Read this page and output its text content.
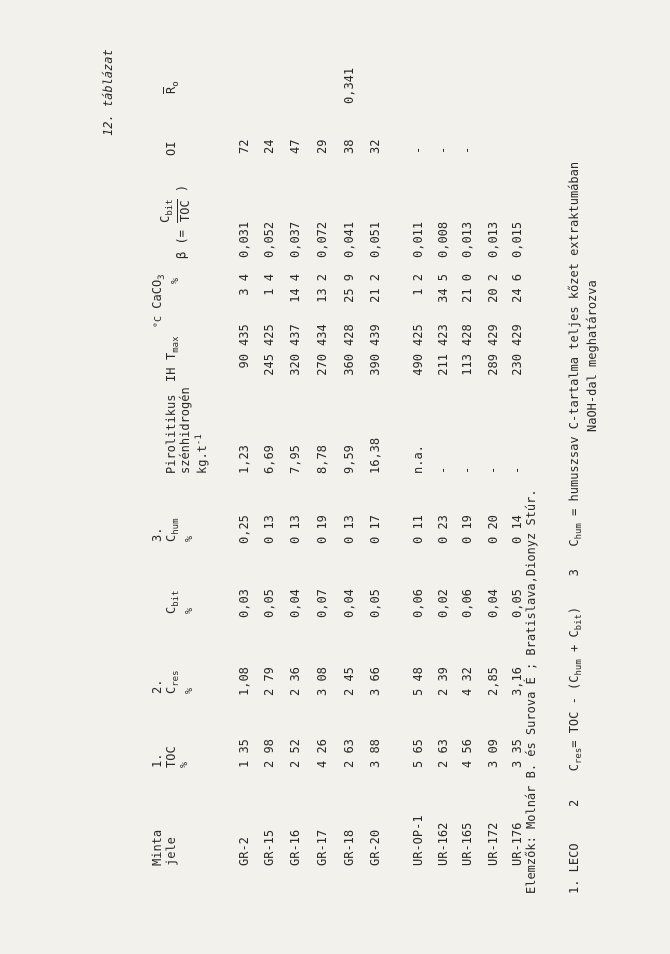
12. táblázat
Minta jele
1. TOC %
2. $C_{res}$
%
$C_{bit}$
%
3. $C_{hum}$
%
Pirolitikus szénhidrogén $kg.t^{-1}$
IH
$T_{max}$
°C CaCO$_3$
%
β (=
$C_{bit}$ TOC
)
OI
$R_o$
GR-2
1 35
1,08
0,03
0,25
1,23
90
435
3 4
0,031
72
GR-15
2 98
2 79
0,05
0 13
6,69
245
425
1 4
0,052
24
GR-16
2 52
2 36
0,04
0 13
7,95
320
437
14 4
0,037
47
GR-17
4 26
3 08
0,07
0 19
8,78
270
434
13 2
0,072
29
GR-18
2 63
2 45
0,04
0 13
9,59
360
428
25 9
0,041
38
0,341
GR-20
3 88
3 66
0,05
0 17
16,38
390
439
21 2
0,051
32
UR-OP-1
5 65
5 48
0,06
0 11
n.a.
490
425
1 2
0,011
-
UR-162
2 63
2 39
0,02
0 23
-
211
423
34 5
0,008
-
UR-165
4 56
4 32
0,06
0 19
-
113
428
21 0
0,013
-
UR-172
3 09
2,85
0,04
0 20
-
289
429
20 2
0,013
UR-176
3 35
3,16
0,05
0 14
-
230
429
24 6
0,015
Elemzők: Molnár B. és Surova É ; Bratislava,Dionyz Stúr. 1. LECO  2  $C_{res}=$ TOC - $(C_{hum} + C_{bit})$  3  $C_{hum}$ = humuszsav C-tartalma teljes kőzet extraktumában NaOH-dal meghatározva
